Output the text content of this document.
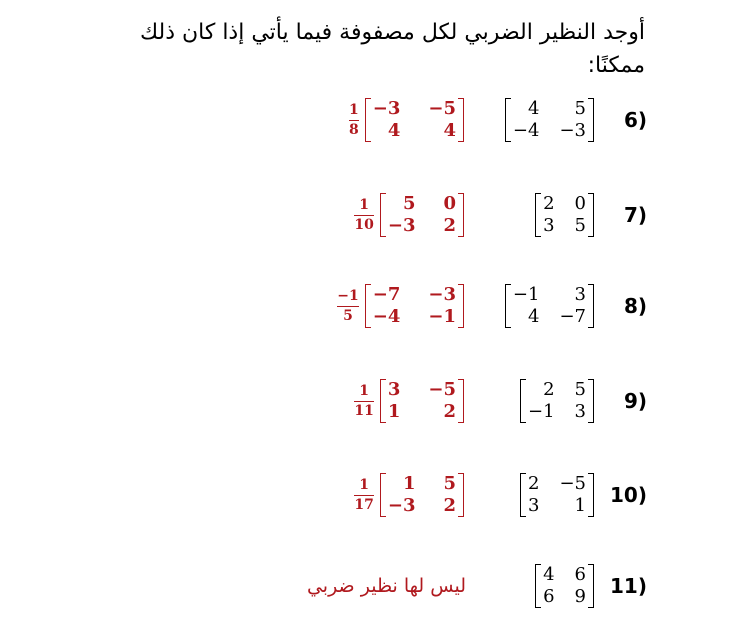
أوجد النظير الضربي لكل مصفوفة فيما يأتي إذا كان ذلك ممكنًا:
6)
4	5
−4 −3
$\frac{1}{8} -3 -5$
4	4
7)
2 0
3 5
$\frac{1}{10}$	5 0
−3 2
8)
−1	3
4 −7
$\frac{-1}{5} -7 -3$
−4 −1
9)
2 5
−1 3
$\frac{1}{11} 3 -5$
1	2
10)
2 −5
3	1
$\frac{1}{17}$	1 5
−3 2
11)
4 6
6 9
ليس لها نظير ضربي
